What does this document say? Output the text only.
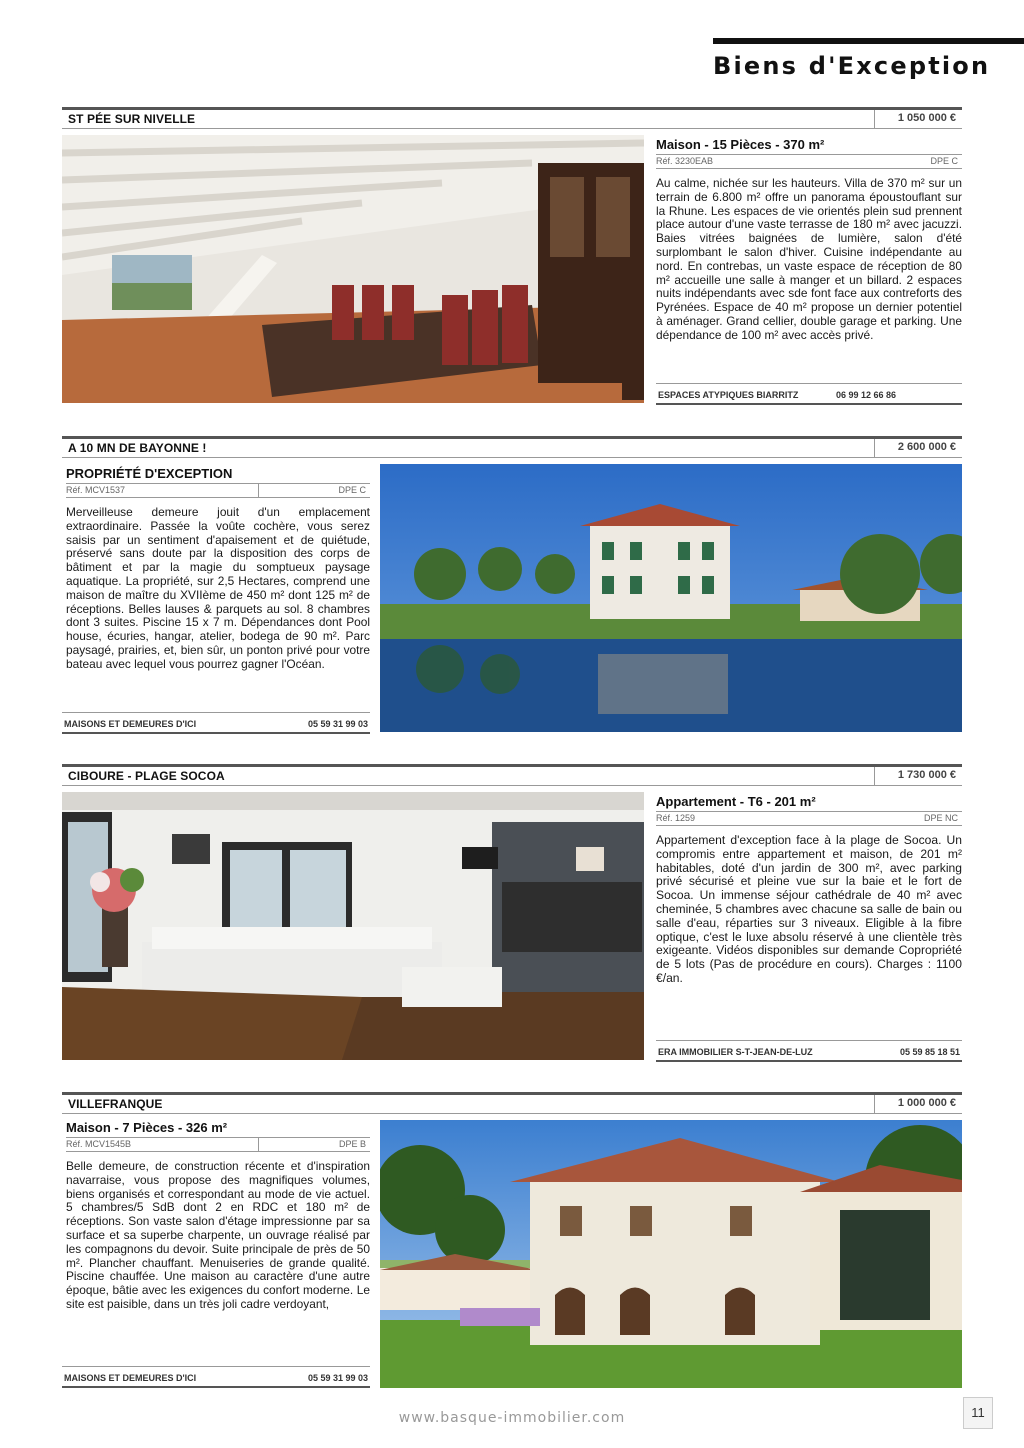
Biens d'Exception
ST PÉE SUR NIVELLE	1 050 000 €
Maison - 15 Pièces - 370 m²
Réf. 3230EAB	DPE C
Au calme, nichée sur les hauteurs. Villa de 370 m² sur un terrain de 6.800 m² offre un panorama époustouflant sur la Rhune. Les espaces de vie orientés plein sud prennent place autour d'une vaste terrasse de 180 m² avec jacuzzi. Baies vitrées baignées de lumière, salon d'été surplombant le salon d'hiver. Cuisine indépendante au nord. En contrebas, un vaste espace de réception de 80 m² accueille une salle à manger et un billard. 2 espaces nuits indépendants avec sde font face aux contreforts des Pyrénées. Espace de 40 m² propose un dernier potentiel à aménager. Grand cellier, double garage et parking. Une dépendance de 100 m² avec accès privé.
ESPACES ATYPIQUES BIARRITZ	06 99 12 66 86
A 10 MN DE BAYONNE !	2 600 000 €
PROPRIÉTÉ D'EXCEPTION
Réf. MCV1537	DPE C
Merveilleuse demeure jouit d'un emplacement extraordinaire. Passée la voûte cochère, vous serez saisis par un sentiment d'apaisement et de quiétude, préservé sans doute par la disposition des corps de bâtiment et par la magie du somptueux paysage aquatique. La propriété, sur 2,5 Hectares, comprend une maison de maître du XVIIème de 450 m² dont 125 m² de réceptions. Belles lauses & parquets au sol. 8 chambres dont 3 suites. Piscine 15 x 7 m. Dépendances dont Pool house, écuries, hangar, atelier, bodega de 90 m². Parc paysagé, prairies, et, bien sûr, un ponton privé pour votre bateau avec lequel vous pourrez gagner l'Océan.
MAISONS ET DEMEURES D'ICI	05 59 31 99 03
CIBOURE - PLAGE SOCOA	1 730 000 €
Appartement - T6 - 201 m²
Réf. 1259	DPE NC
Appartement d'exception face à la plage de Socoa. Un compromis entre appartement et maison, de 201 m² habitables, doté d'un jardin de 300 m², avec parking privé sécurisé et pleine vue sur la baie et le fort de Socoa. Un immense séjour cathédrale de 40 m² avec cheminée, 5 chambres avec chacune sa salle de bain ou salle d'eau, réparties sur 3 niveaux. Eligible à la fibre optique, c'est le luxe absolu réservé à une clientèle très exigeante. Vidéos disponibles sur demande Copropriété de 5 lots (Pas de procédure en cours). Charges : 1100 €/an.
ERA IMMOBILIER S-T-JEAN-DE-LUZ	05 59 85 18 51
VILLEFRANQUE	1 000 000 €
Maison - 7 Pièces - 326 m²
Réf. MCV1545B	DPE B
Belle demeure, de construction récente et d'inspiration navarraise, vous propose des magnifiques volumes, biens organisés et correspondant au mode de vie actuel. 5 chambres/5 SdB dont 2 en RDC et 180 m² de réceptions. Son vaste salon d'étage impressionne par sa surface et sa superbe charpente, un ouvrage réalisé par les compagnons du devoir. Suite principale de près de 50 m². Plancher chauffant. Menuiseries de grande qualité. Piscine chauffée. Une maison au caractère d'une autre époque, bâtie avec les exigences du confort moderne. Le site est paisible, dans un très joli cadre verdoyant,
MAISONS ET DEMEURES D'ICI	05 59 31 99 03
www.basque-immobilier.com	11
